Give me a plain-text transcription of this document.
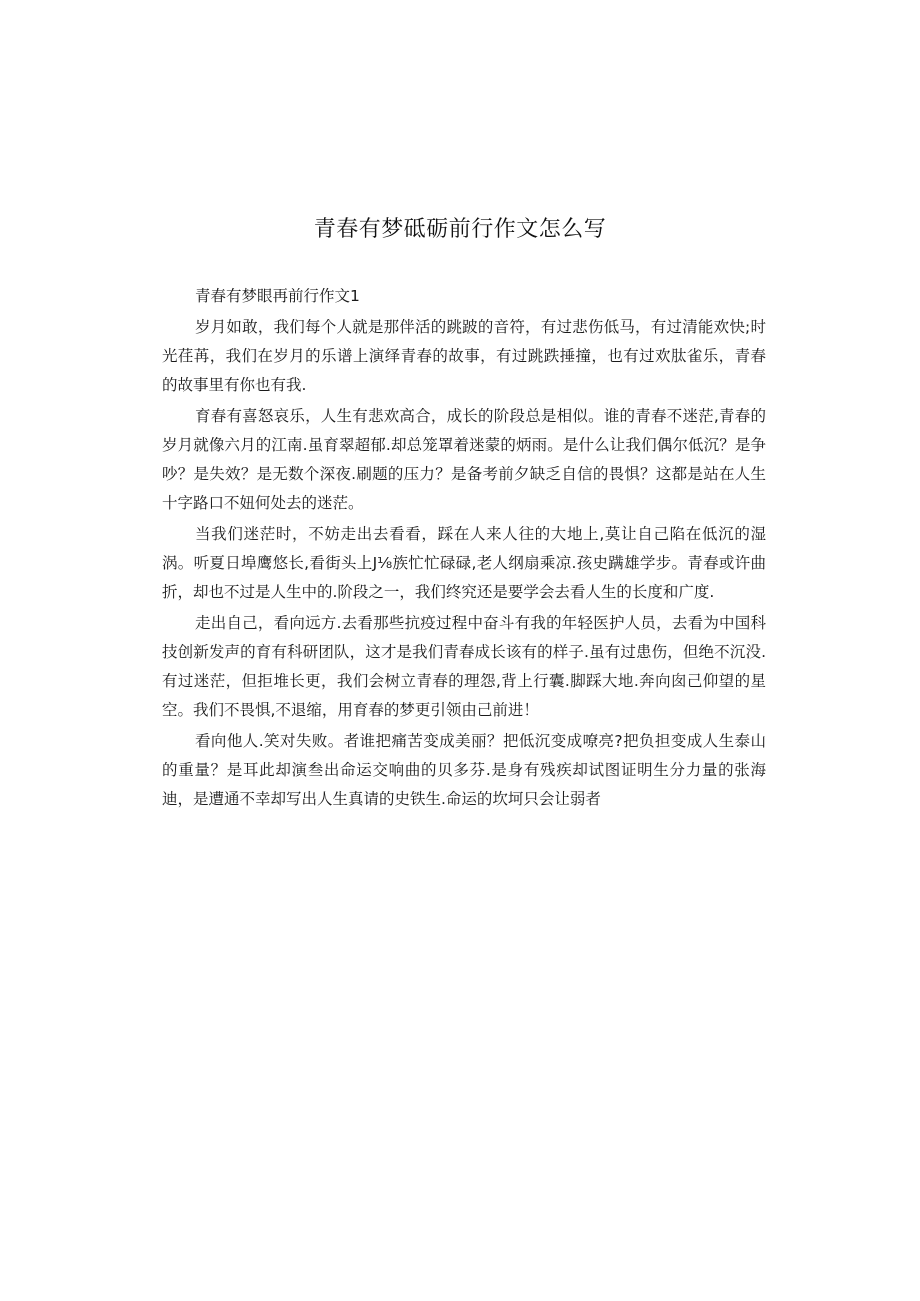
青春有梦砥砺前行作文怎么写

青春有梦眼再前行作文1

岁月如敢，我们每个人就是那伴活的跳跛的音符，有过悲伤低马，有过清能欢快;时光荏苒，我们在岁月的乐谱上演绎青春的故事，有过跳跌捶撞，也有过欢肽雀乐，青春的故事里有你也有我.

育春有喜怒哀乐，人生有悲欢高合，成长的阶段总是相似。谁的青春不迷茫,青春的岁月就像六月的江南.虽育翠超郁.却总笼罩着迷蒙的炳雨。是什么让我们偶尔低沉？是争吵？是失效？是无数个深夜.刷题的压力？是备考前夕缺乏自信的畏惧？这都是站在人生十字路口不妞何处去的迷茫。

当我们迷茫时，不妨走出去看看，踩在人来人往的大地上,莫让自己陷在低沉的湿涡。听夏日埠鹰悠长,看街头上J⅛族忙忙碌碌,老人纲扇乘凉.孩史蹒雄学步。青春或许曲折，却也不过是人生中的.阶段之一，我们终究还是要学会去看人生的长度和广度.

走出自己，看向远方.去看那些抗疫过程中奋斗有我的年轻医护人员，去看为中国科技创新发声的育有科研团队，这才是我们青春成长该有的样子.虽有过患伤，但绝不沉没.有过迷茫，但拒堆长更，我们会树立青春的理怨,背上行囊.脚踩大地.奔向囱己仰望的星空。我们不畏惧,不退缩，用育春的梦更引领由己前进！

看向他人.笑对失败。者谁把痛苦变成美丽？把低沉变成嘹亮?把负担变成人生泰山的重量？是耳此却演叁出命运交响曲的贝多芬.是身有残疾却试图证明生分力量的张海迪，是遭通不幸却写出人生真请的史铁生.命运的坎坷只会让弱者
